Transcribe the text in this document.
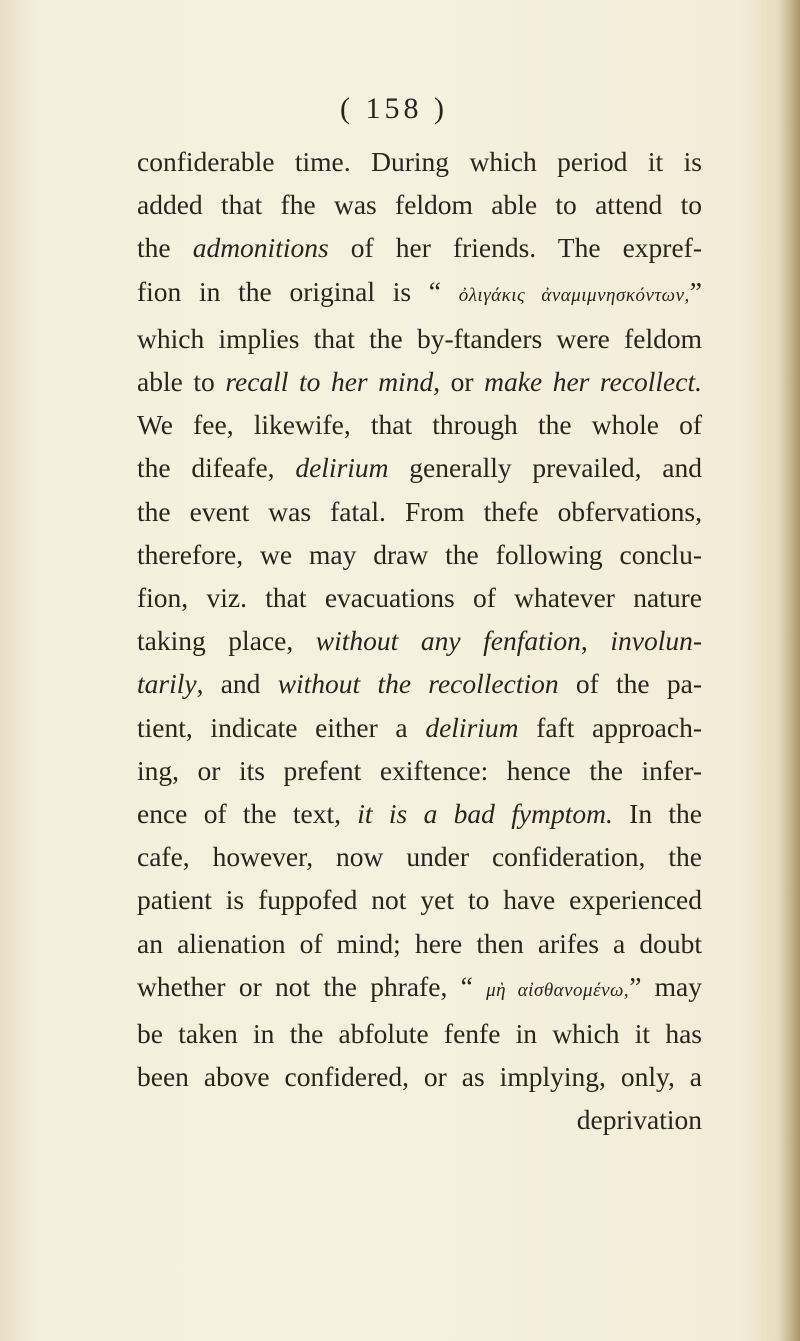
( 158 )
confiderable time. During which period it is
added that fhe was feldom able to attend to
the admonitions of her friends. The expref-
fion in the original is “ ὀλιγάκις ἀναμιμνησκόντων,”
which implies that the by-ftanders were feldom
able to recall to her mind, or make her recollect.
We fee, likewife, that through the whole of
the difeafe, delirium generally prevailed, and
the event was fatal. From thefe obfervations,
therefore, we may draw the following conclu-
fion, viz. that evacuations of whatever nature
taking place, without any fenfation, involun-
tarily, and without the recollection of the pa-
tient, indicate either a delirium faft approach-
ing, or its prefent exiftence: hence the infer-
ence of the text, it is a bad fymptom. In the
cafe, however, now under confideration, the
patient is fuppofed not yet to have experienced
an alienation of mind; here then arifes a doubt
whether or not the phrafe, “ μὴ αἰσθανομένω,” may
be taken in the abfolute fenfe in which it has
been above confidered, or as implying, only, a
deprivation
